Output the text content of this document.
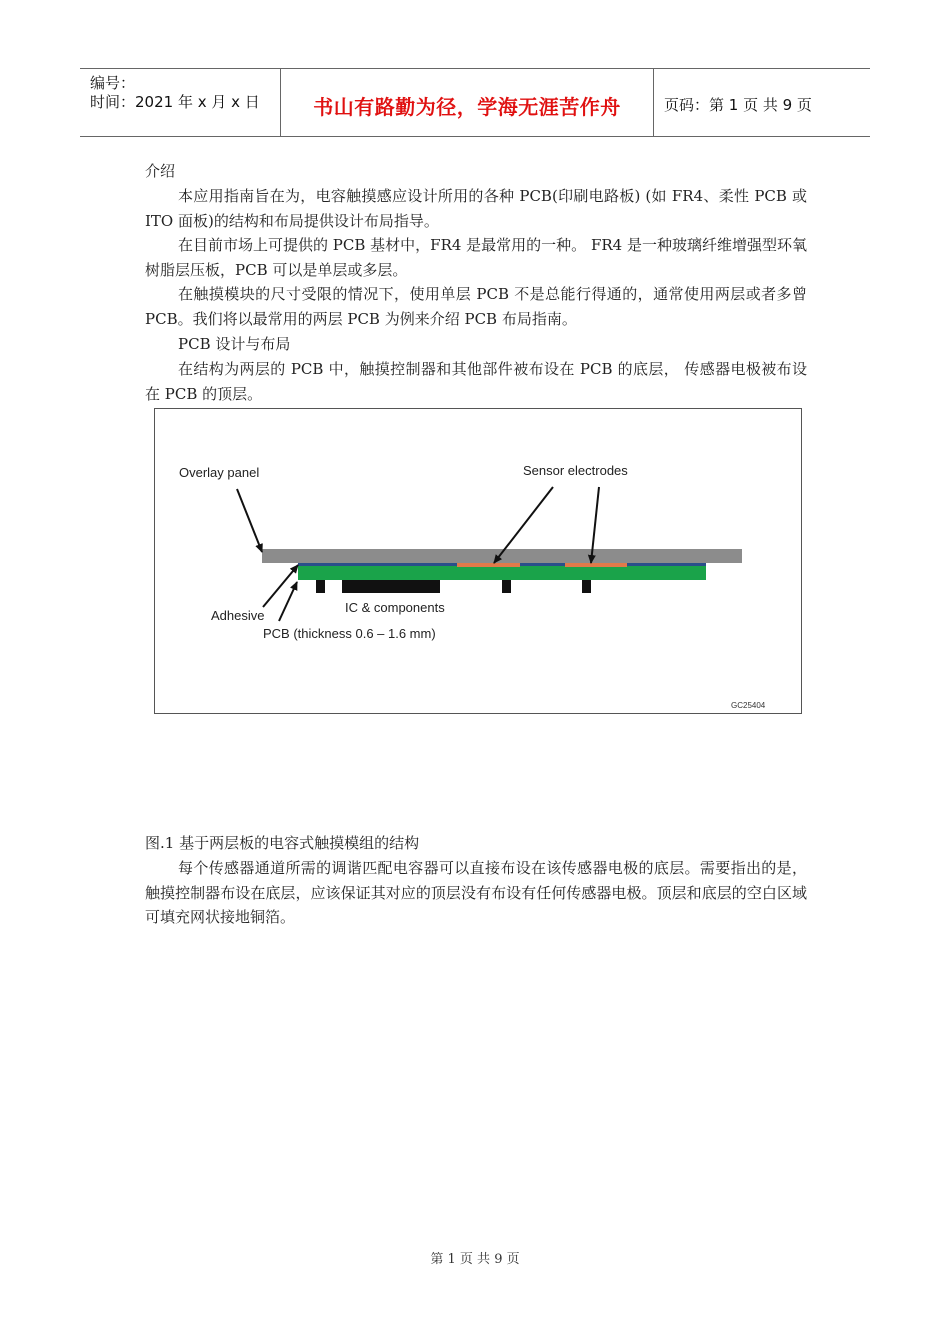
编号：
时间：2021 年 x 月 x 日	书山有路勤为径，学海无涯苦作舟	页码：第 1 页 共 9 页
介绍
本应用指南旨在为，电容触摸感应设计所用的各种 PCB(印刷电路板) (如 FR4、柔性 PCB 或 ITO 面板)的结构和布局提供设计布局指导。
在目前市场上可提供的 PCB 基材中，FR4 是最常用的一种。 FR4 是一种玻璃纤维增强型环氧树脂层压板，PCB 可以是单层或多层。
在触摸模块的尺寸受限的情况下，使用单层 PCB 不是总能行得通的，通常使用两层或者多曾 PCB。我们将以最常用的两层 PCB 为例来介绍 PCB 布局指南。
PCB 设计与布局
在结构为两层的 PCB 中，触摸控制器和其他部件被布设在 PCB 的底层， 传感器电极被布设在 PCB 的顶层。
Overlay panel	Sensor electrodes
Adhesive
IC & components
PCB (thickness 0.6 – 1.6 mm)
GC25404
图.1 基于两层板的电容式触摸模组的结构
每个传感器通道所需的调谐匹配电容器可以直接布设在该传感器电极的底层。需要指出的是，触摸控制器布设在底层，应该保证其对应的顶层没有布设有任何传感器电极。顶层和底层的空白区域可填充网状接地铜箔。
第 1 页 共 9 页
